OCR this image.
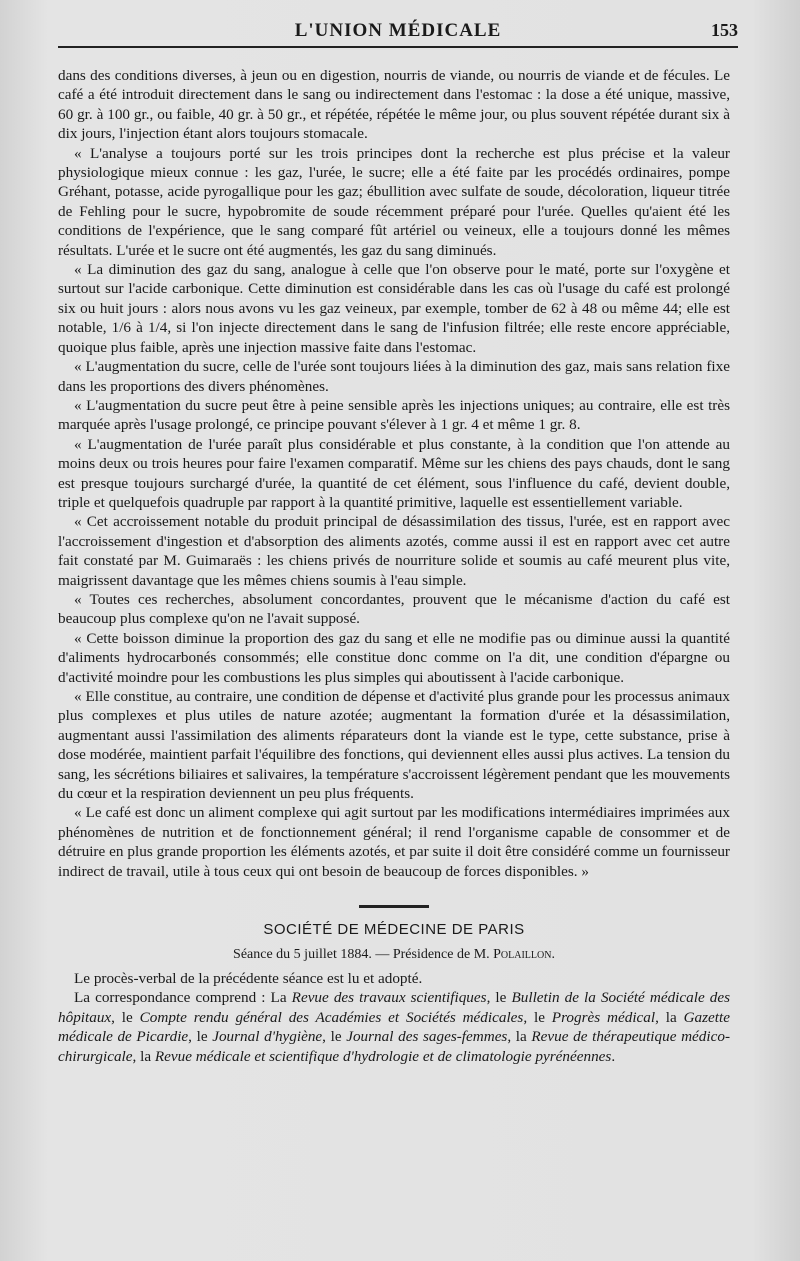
L'UNION MÉDICALE	153

dans des conditions diverses, à jeun ou en digestion, nourris de viande, ou nourris de viande et de fécules. Le café a été introduit directement dans le sang ou indirectement dans l'estomac : la dose a été unique, massive, 60 gr. à 100 gr., ou faible, 40 gr. à 50 gr., et répétée, répétée le même jour, ou plus souvent répétée durant six à dix jours, l'injection étant alors toujours stomacale.

« L'analyse a toujours porté sur les trois principes dont la recherche est plus précise et la valeur physiologique mieux connue : les gaz, l'urée, le sucre; elle a été faite par les procédés ordinaires, pompe Gréhant, potasse, acide pyrogallique pour les gaz; ébullition avec sulfate de soude, décoloration, liqueur titrée de Fehling pour le sucre, hypobromite de soude récemment préparé pour l'urée. Quelles qu'aient été les conditions de l'expérience, que le sang comparé fût artériel ou veineux, elle a toujours donné les mêmes résultats. L'urée et le sucre ont été augmentés, les gaz du sang diminués.

« La diminution des gaz du sang, analogue à celle que l'on observe pour le maté, porte sur l'oxygène et surtout sur l'acide carbonique. Cette diminution est considérable dans les cas où l'usage du café est prolongé six ou huit jours : alors nous avons vu les gaz veineux, par exemple, tomber de 62 à 48 ou même 44; elle est notable, 1/6 à 1/4, si l'on injecte directement dans le sang de l'infusion filtrée; elle reste encore appréciable, quoique plus faible, après une injection massive faite dans l'estomac.

« L'augmentation du sucre, celle de l'urée sont toujours liées à la diminution des gaz, mais sans relation fixe dans les proportions des divers phénomènes.

« L'augmentation du sucre peut être à peine sensible après les injections uniques; au contraire, elle est très marquée après l'usage prolongé, ce principe pouvant s'élever à 1 gr. 4 et même 1 gr. 8.

« L'augmentation de l'urée paraît plus considérable et plus constante, à la condition que l'on attende au moins deux ou trois heures pour faire l'examen comparatif. Même sur les chiens des pays chauds, dont le sang est presque toujours surchargé d'urée, la quantité de cet élément, sous l'influence du café, devient double, triple et quelquefois quadruple par rapport à la quantité primitive, laquelle est essentiellement variable.

« Cet accroissement notable du produit principal de désassimilation des tissus, l'urée, est en rapport avec l'accroissement d'ingestion et d'absorption des aliments azotés, comme aussi il est en rapport avec cet autre fait constaté par M. Guimaraës : les chiens privés de nourriture solide et soumis au café meurent plus vite, maigrissent davantage que les mêmes chiens soumis à l'eau simple.

« Toutes ces recherches, absolument concordantes, prouvent que le mécanisme d'action du café est beaucoup plus complexe qu'on ne l'avait supposé.

« Cette boisson diminue la proportion des gaz du sang et elle ne modifie pas ou diminue aussi la quantité d'aliments hydrocarbonés consommés; elle constitue donc comme on l'a dit, une condition d'épargne ou d'activité moindre pour les combustions les plus simples qui aboutissent à l'acide carbonique.

« Elle constitue, au contraire, une condition de dépense et d'activité plus grande pour les processus animaux plus complexes et plus utiles de nature azotée; augmentant la formation d'urée et la désassimilation, augmentant aussi l'assimilation des aliments réparateurs dont la viande est le type, cette substance, prise à dose modérée, maintient parfait l'équilibre des fonctions, qui deviennent elles aussi plus actives. La tension du sang, les sécrétions biliaires et salivaires, la température s'accroissent légèrement pendant que les mouvements du cœur et la respiration deviennent un peu plus fréquents.

« Le café est donc un aliment complexe qui agit surtout par les modifications intermédiaires imprimées aux phénomènes de nutrition et de fonctionnement général; il rend l'organisme capable de consommer et de détruire en plus grande proportion les éléments azotés, et par suite il doit être considéré comme un fournisseur indirect de travail, utile à tous ceux qui ont besoin de beaucoup de forces disponibles. »

SOCIÉTÉ DE MÉDECINE DE PARIS
Séance du 5 juillet 1884. — Présidence de M. Polaillon.

Le procès-verbal de la précédente séance est lu et adopté.

La correspondance comprend : La Revue des travaux scientifiques, le Bulletin de la Société médicale des hôpitaux, le Compte rendu général des Académies et Sociétés médicales, le Progrès médical, la Gazette médicale de Picardie, le Journal d'hygiène, le Journal des sages-femmes, la Revue de thérapeutique médico-chirurgicale, la Revue médicale et scientifique d'hydrologie et de climatologie pyrénéennes.
